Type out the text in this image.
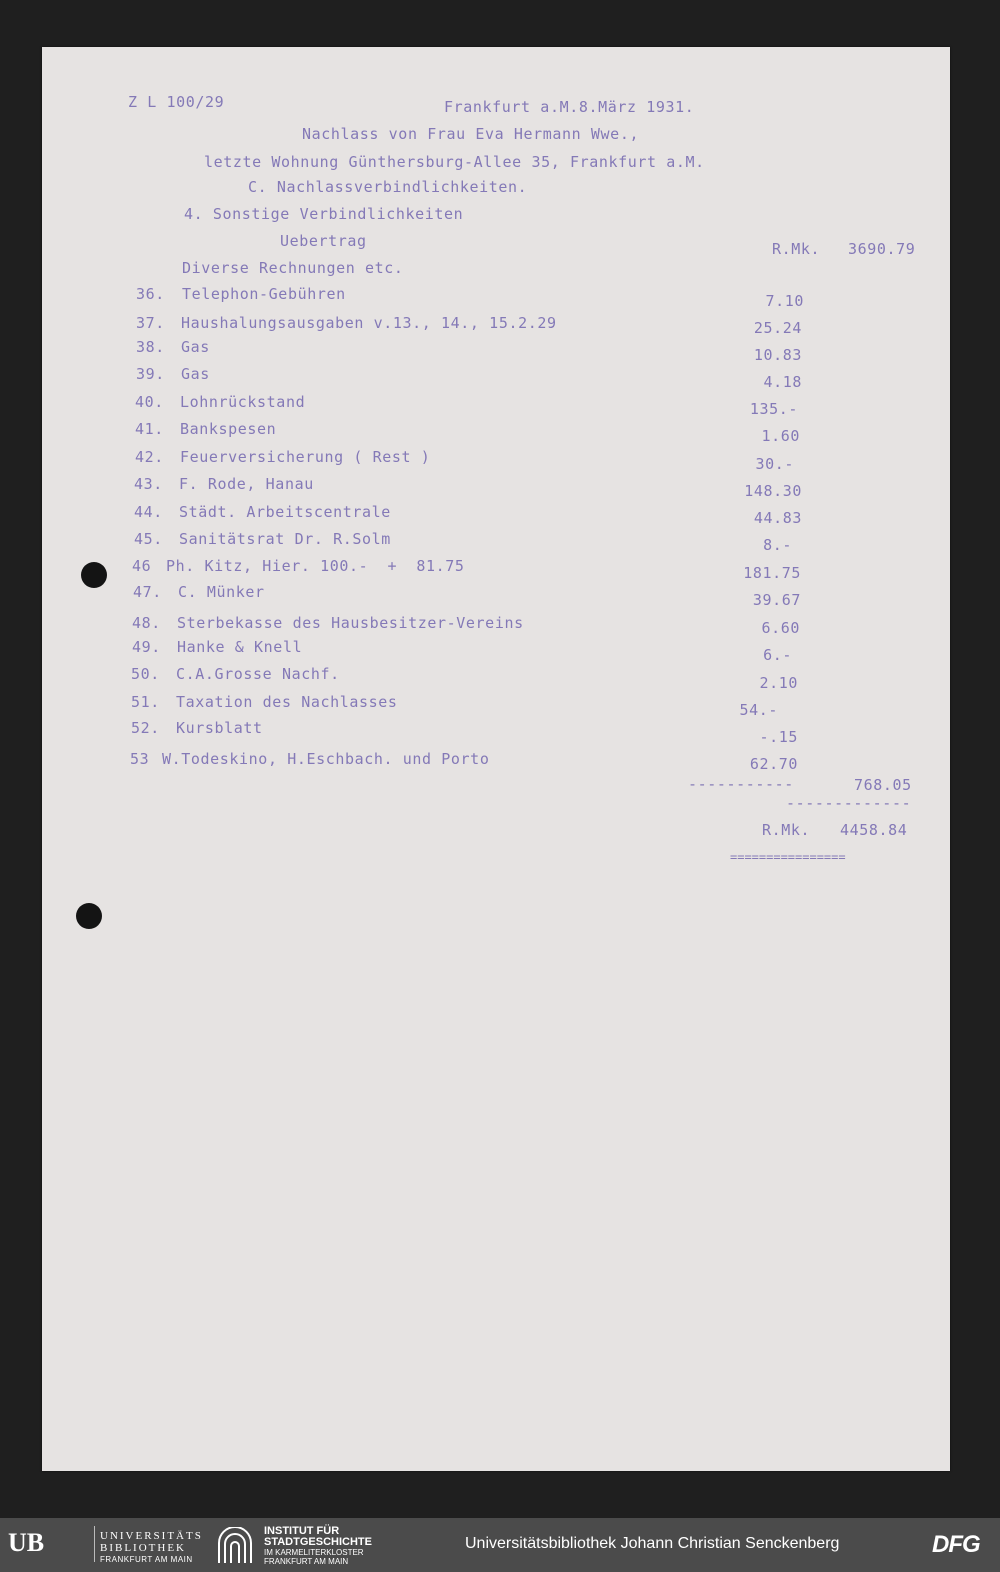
Z L 100/29	Frankfurt a.M.8.März 1931.
Nachlass von Frau Eva Hermann Wwe.,
letzte Wohnung Günthersburg-Allee 35, Frankfurt a.M.
C. Nachlassverbindlichkeiten.
4. Sonstige Verbindlichkeiten
Uebertrag	R.Mk. 3690.79
Diverse Rechnungen etc.
36. Telephon-Gebühren	7.10
37. Haushalungsausgaben v.13., 14., 15.2.29	25.24
38. Gas	10.83
39. Gas	4.18
40. Lohnrückstand	135.-
41. Bankspesen	1.60
42. Feuerversicherung ( Rest )	30.-
43. F. Rode, Hanau	148.30
44. Städt. Arbeitscentrale	44.83
45. Sanitätsrat Dr. R.Solm	8.-
46 Ph. Kitz, Hier. 100.-  +  81.75	181.75
47. C. Münker	39.67
48. Sterbekasse des Hausbesitzer-Vereins	6.60
49. Hanke & Knell	6.-
50. C.A.Grosse Nachf.	2.10
51. Taxation des Nachlasses	54.-
52. Kursblatt	-.15
53 W.Todeskino, H.Eschbach. und Porto	62.70
-----------	768.05
-------------
R.Mk. 4458.84
================
UB	UNIVERSITÄTS
BIBLIOTHEK
FRANKFURT AM MAIN
INSTITUT FÜR
STADTGESCHICHTE
IM KARMELITERKLOSTER
FRANKFURT AM MAIN
Universitätsbibliothek Johann Christian Senckenberg	DFG
